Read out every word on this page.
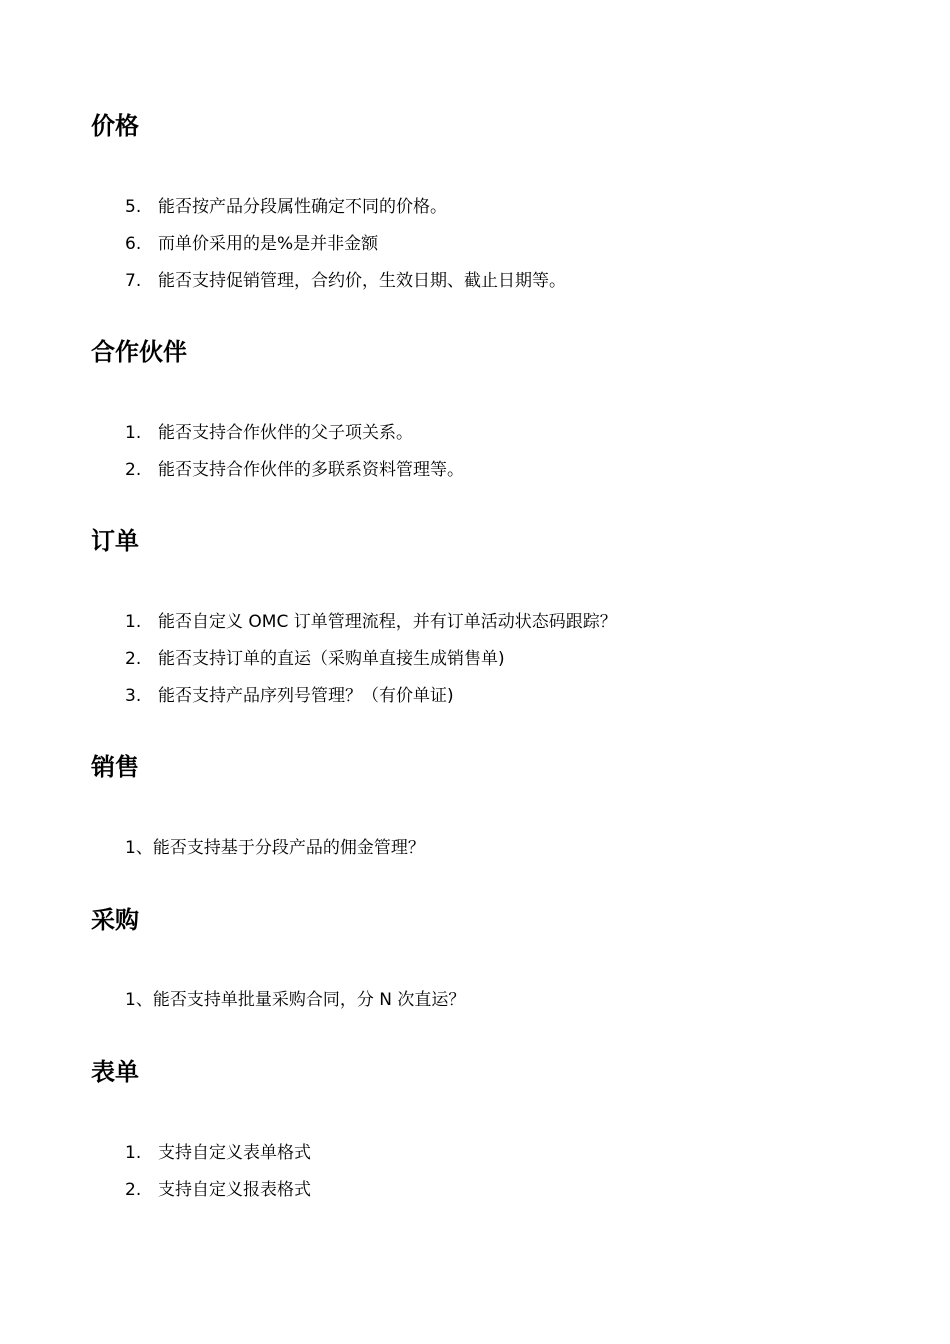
价格

5. 能否按产品分段属性确定不同的价格。

6. 而单价采用的是%是并非金额

7. 能否支持促销管理，合约价，生效日期、截止日期等。

合作伙伴

1. 能否支持合作伙伴的父子项关系。

2. 能否支持合作伙伴的多联系资料管理等。

订单

1. 能否自定义 OMC 订单管理流程，并有订单活动状态码跟踪？

2. 能否支持订单的直运（采购单直接生成销售单)

3. 能否支持产品序列号管理？（有价单证)

销售

1、能否支持基于分段产品的佣金管理？

采购

1、能否支持单批量采购合同，分 N 次直运？

表单

1. 支持自定义表单格式

2. 支持自定义报表格式
